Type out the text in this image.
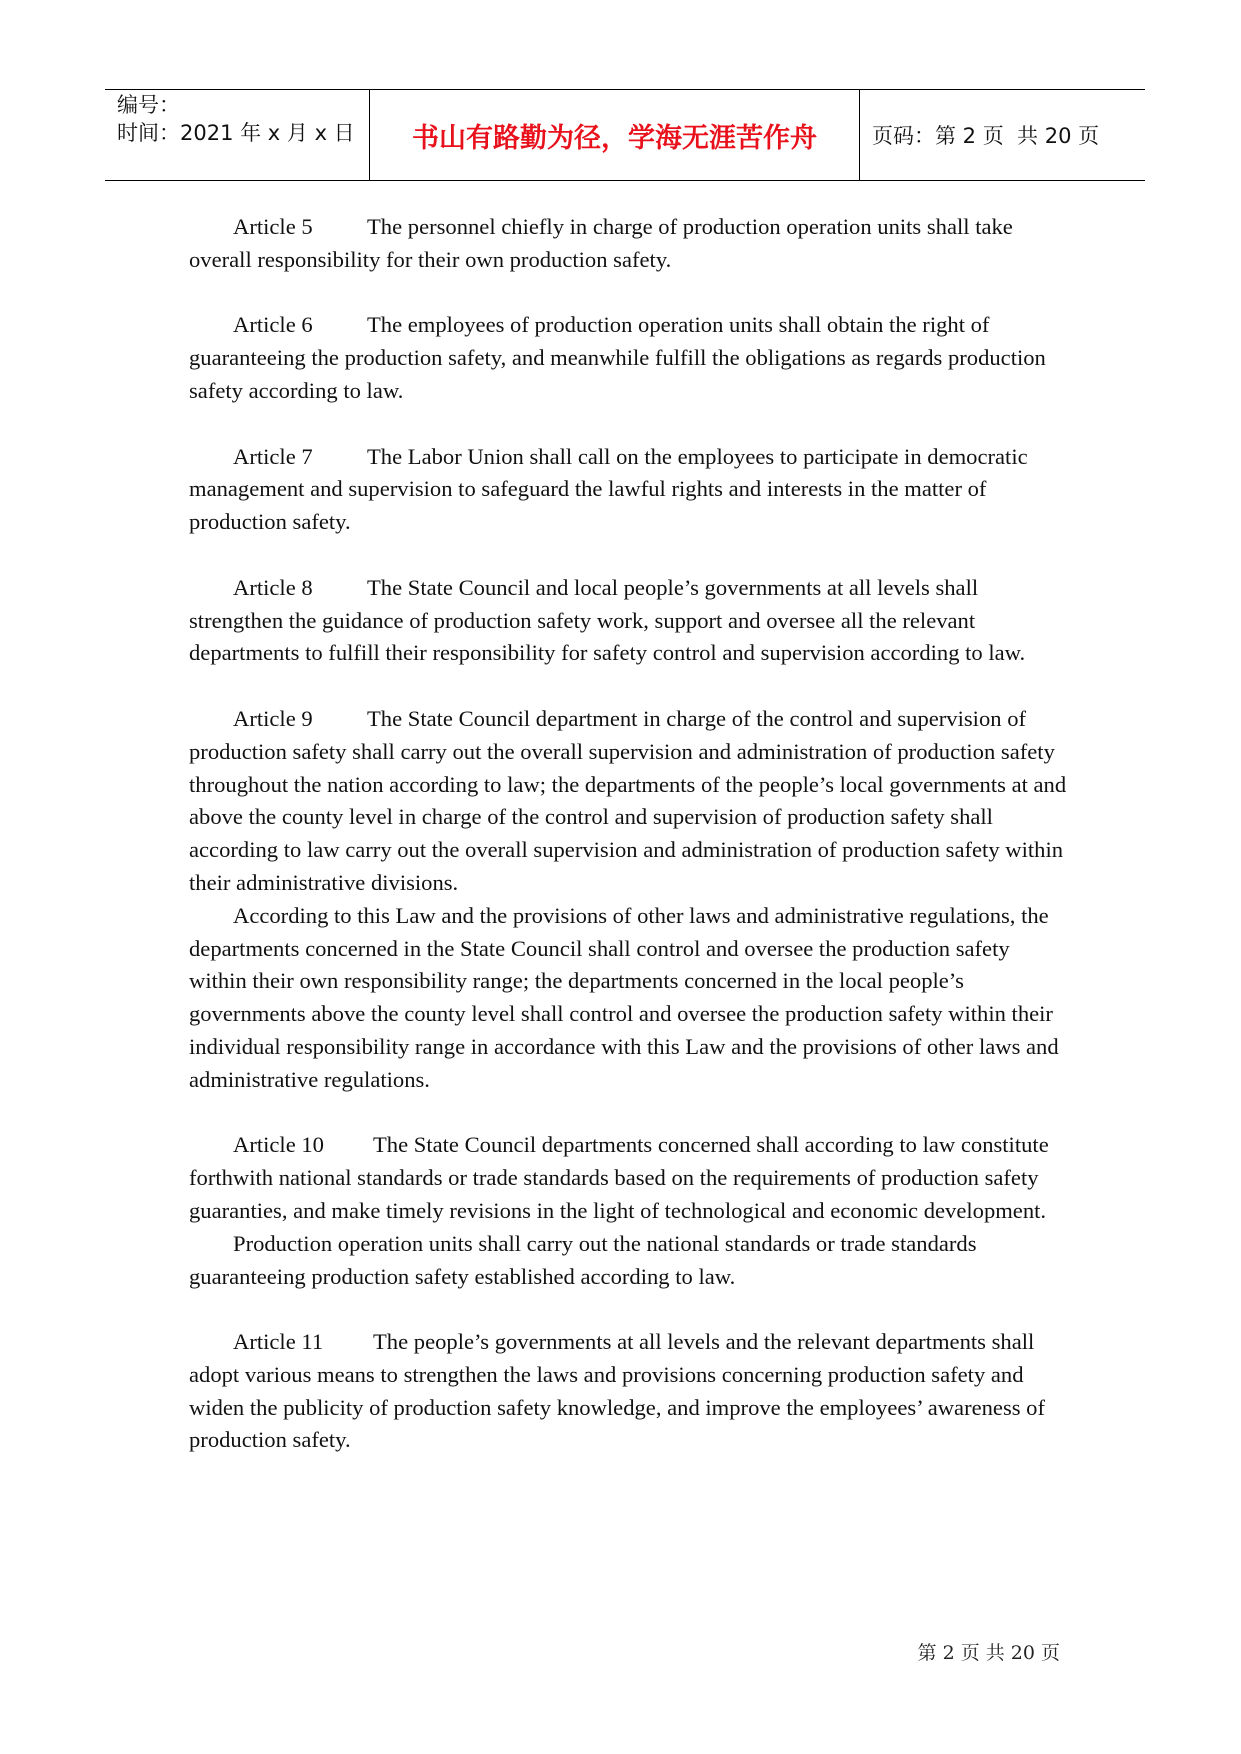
编号：
时间：2021 年 x 月 x 日	书山有路勤为径，学海无涯苦作舟	页码：第 2 页  共 20 页

Article 5 The personnel chiefly in charge of production operation units shall take overall responsibility for their own production safety.

Article 6 The employees of production operation units shall obtain the right of guaranteeing the production safety, and meanwhile fulfill the obligations as regards production safety according to law.

Article 7 The Labor Union shall call on the employees to participate in democratic management and supervision to safeguard the lawful rights and interests in the matter of production safety.

Article 8 The State Council and local people’s governments at all levels shall strengthen the guidance of production safety work, support and oversee all the relevant departments to fulfill their responsibility for safety control and supervision according to law.

Article 9 The State Council department in charge of the control and supervision of production safety shall carry out the overall supervision and administration of production safety throughout the nation according to law; the departments of the people’s local governments at and above the county level in charge of the control and supervision of production safety shall according to law carry out the overall supervision and administration of production safety within their administrative divisions.

According to this Law and the provisions of other laws and administrative regulations, the departments concerned in the State Council shall control and oversee the production safety within their own responsibility range; the departments concerned in the local people’s governments above the county level shall control and oversee the production safety within their individual responsibility range in accordance with this Law and the provisions of other laws and administrative regulations.

Article 10 The State Council departments concerned shall according to law constitute forthwith national standards or trade standards based on the requirements of production safety guaranties, and make timely revisions in the light of technological and economic development.

Production operation units shall carry out the national standards or trade standards guaranteeing production safety established according to law.

Article 11 The people’s governments at all levels and the relevant departments shall adopt various means to strengthen the laws and provisions concerning production safety and widen the publicity of production safety knowledge, and improve the employees’ awareness of production safety.

第 2 页 共 20 页
